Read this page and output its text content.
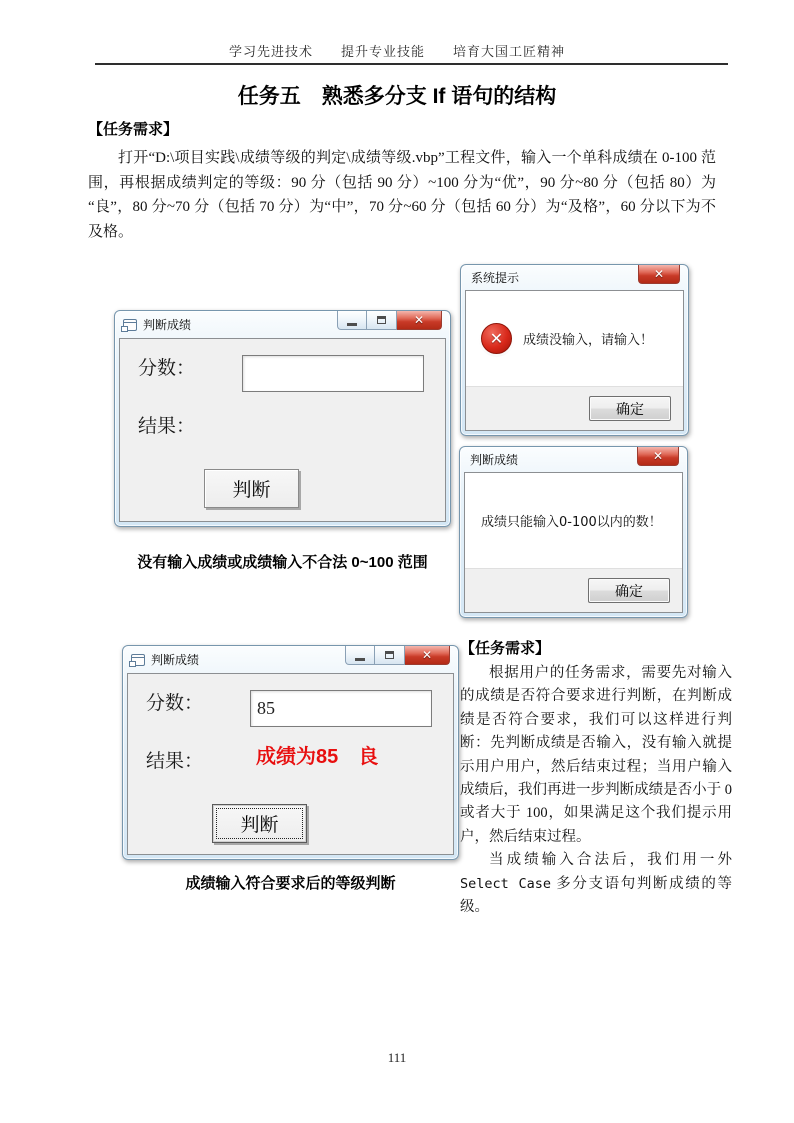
学习先进技术　　提升专业技能　　培育大国工匠精神
任务五　熟悉多分支 If 语句的结构
【任务需求】
打开“D:\项目实践\成绩等级的判定\成绩等级.vbp”工程文件，输入一个单科成绩在 0-100 范围，再根据成绩判定的等级：90 分（包括 90 分）~100 分为“优”，90 分~80 分（包括 80）为“良”，80 分~70 分（包括 70 分）为“中”，70 分~60 分（包括 60 分）为“及格”，60 分以下为不及格。
判断成绩	✕
分数：
结果：
判断
没有输入成绩或成绩输入不合法 0~100 范围
系统提示	✕
✕ 成绩没输入，请输入！
确定
判断成绩	✕
成绩只能输入0-100以内的数！
确定
判断成绩	✕
分数：
85
结果：	成绩为85　良
判断
成绩输入符合要求后的等级判断
【任务需求】

根据用户的任务需求，需要先对输入的成绩是否符合要求进行判断，在判断成绩是否符合要求，我们可以这样进行判断：先判断成绩是否输入，没有输入就提示用户用户，然后结束过程；当用户输入成绩后，我们再进一步判断成绩是否小于 0 或者大于 100，如果满足这个我们提示用户，然后结束过程。

当成绩输入合法后，我们用一外 Select Case 多分支语句判断成绩的等级。

111
